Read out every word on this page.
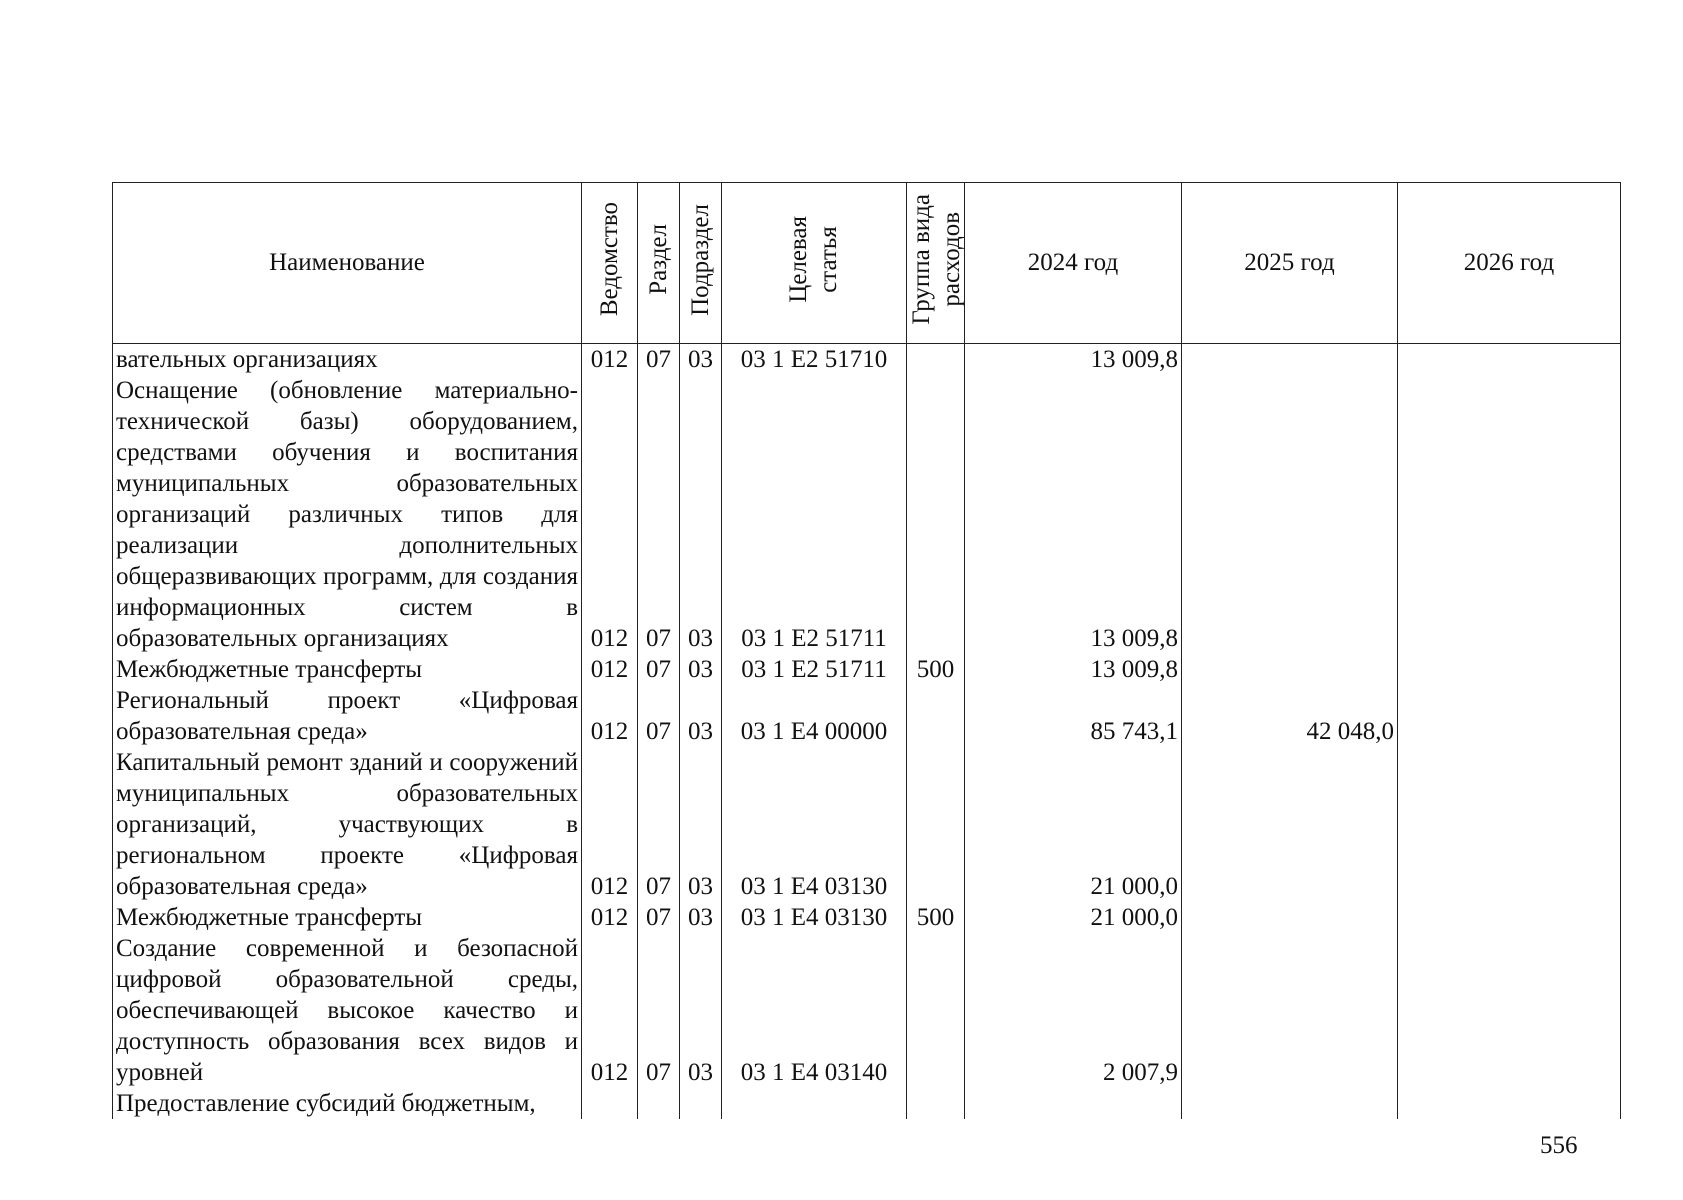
Наименование	Ведомство	Раздел	Подраздел	Целевая статья	Группа вида расходов	2024 год	2025 год	2026 год
вательных организациях	012	07	03	03 1 E2 51710		13 009,8		
Оснащение (обновление материально-технической базы) оборудованием, средствами обучения и воспитания муниципальных образовательных организаций различных типов для реализации дополнительных общеразвивающих программ, для создания информационных систем в образовательных организациях	012	07	03	03 1 E2 51711		13 009,8		
Межбюджетные трансферты	012	07	03	03 1 E2 51711	500	13 009,8		
Региональный проект «Цифровая образовательная среда»	012	07	03	03 1 E4 00000		85 743,1	42 048,0	
Капитальный ремонт зданий и сооружений муниципальных образовательных организаций, участвующих в региональном проекте «Цифровая образовательная среда»	012	07	03	03 1 E4 03130		21 000,0		
Межбюджетные трансферты	012	07	03	03 1 E4 03130	500	21 000,0		
Создание современной и безопасной цифровой образовательной среды, обеспечивающей высокое качество и доступность образования всех видов и уровней	012	07	03	03 1 E4 03140		2 007,9		
Предоставление субсидий бюджетным,								
556
